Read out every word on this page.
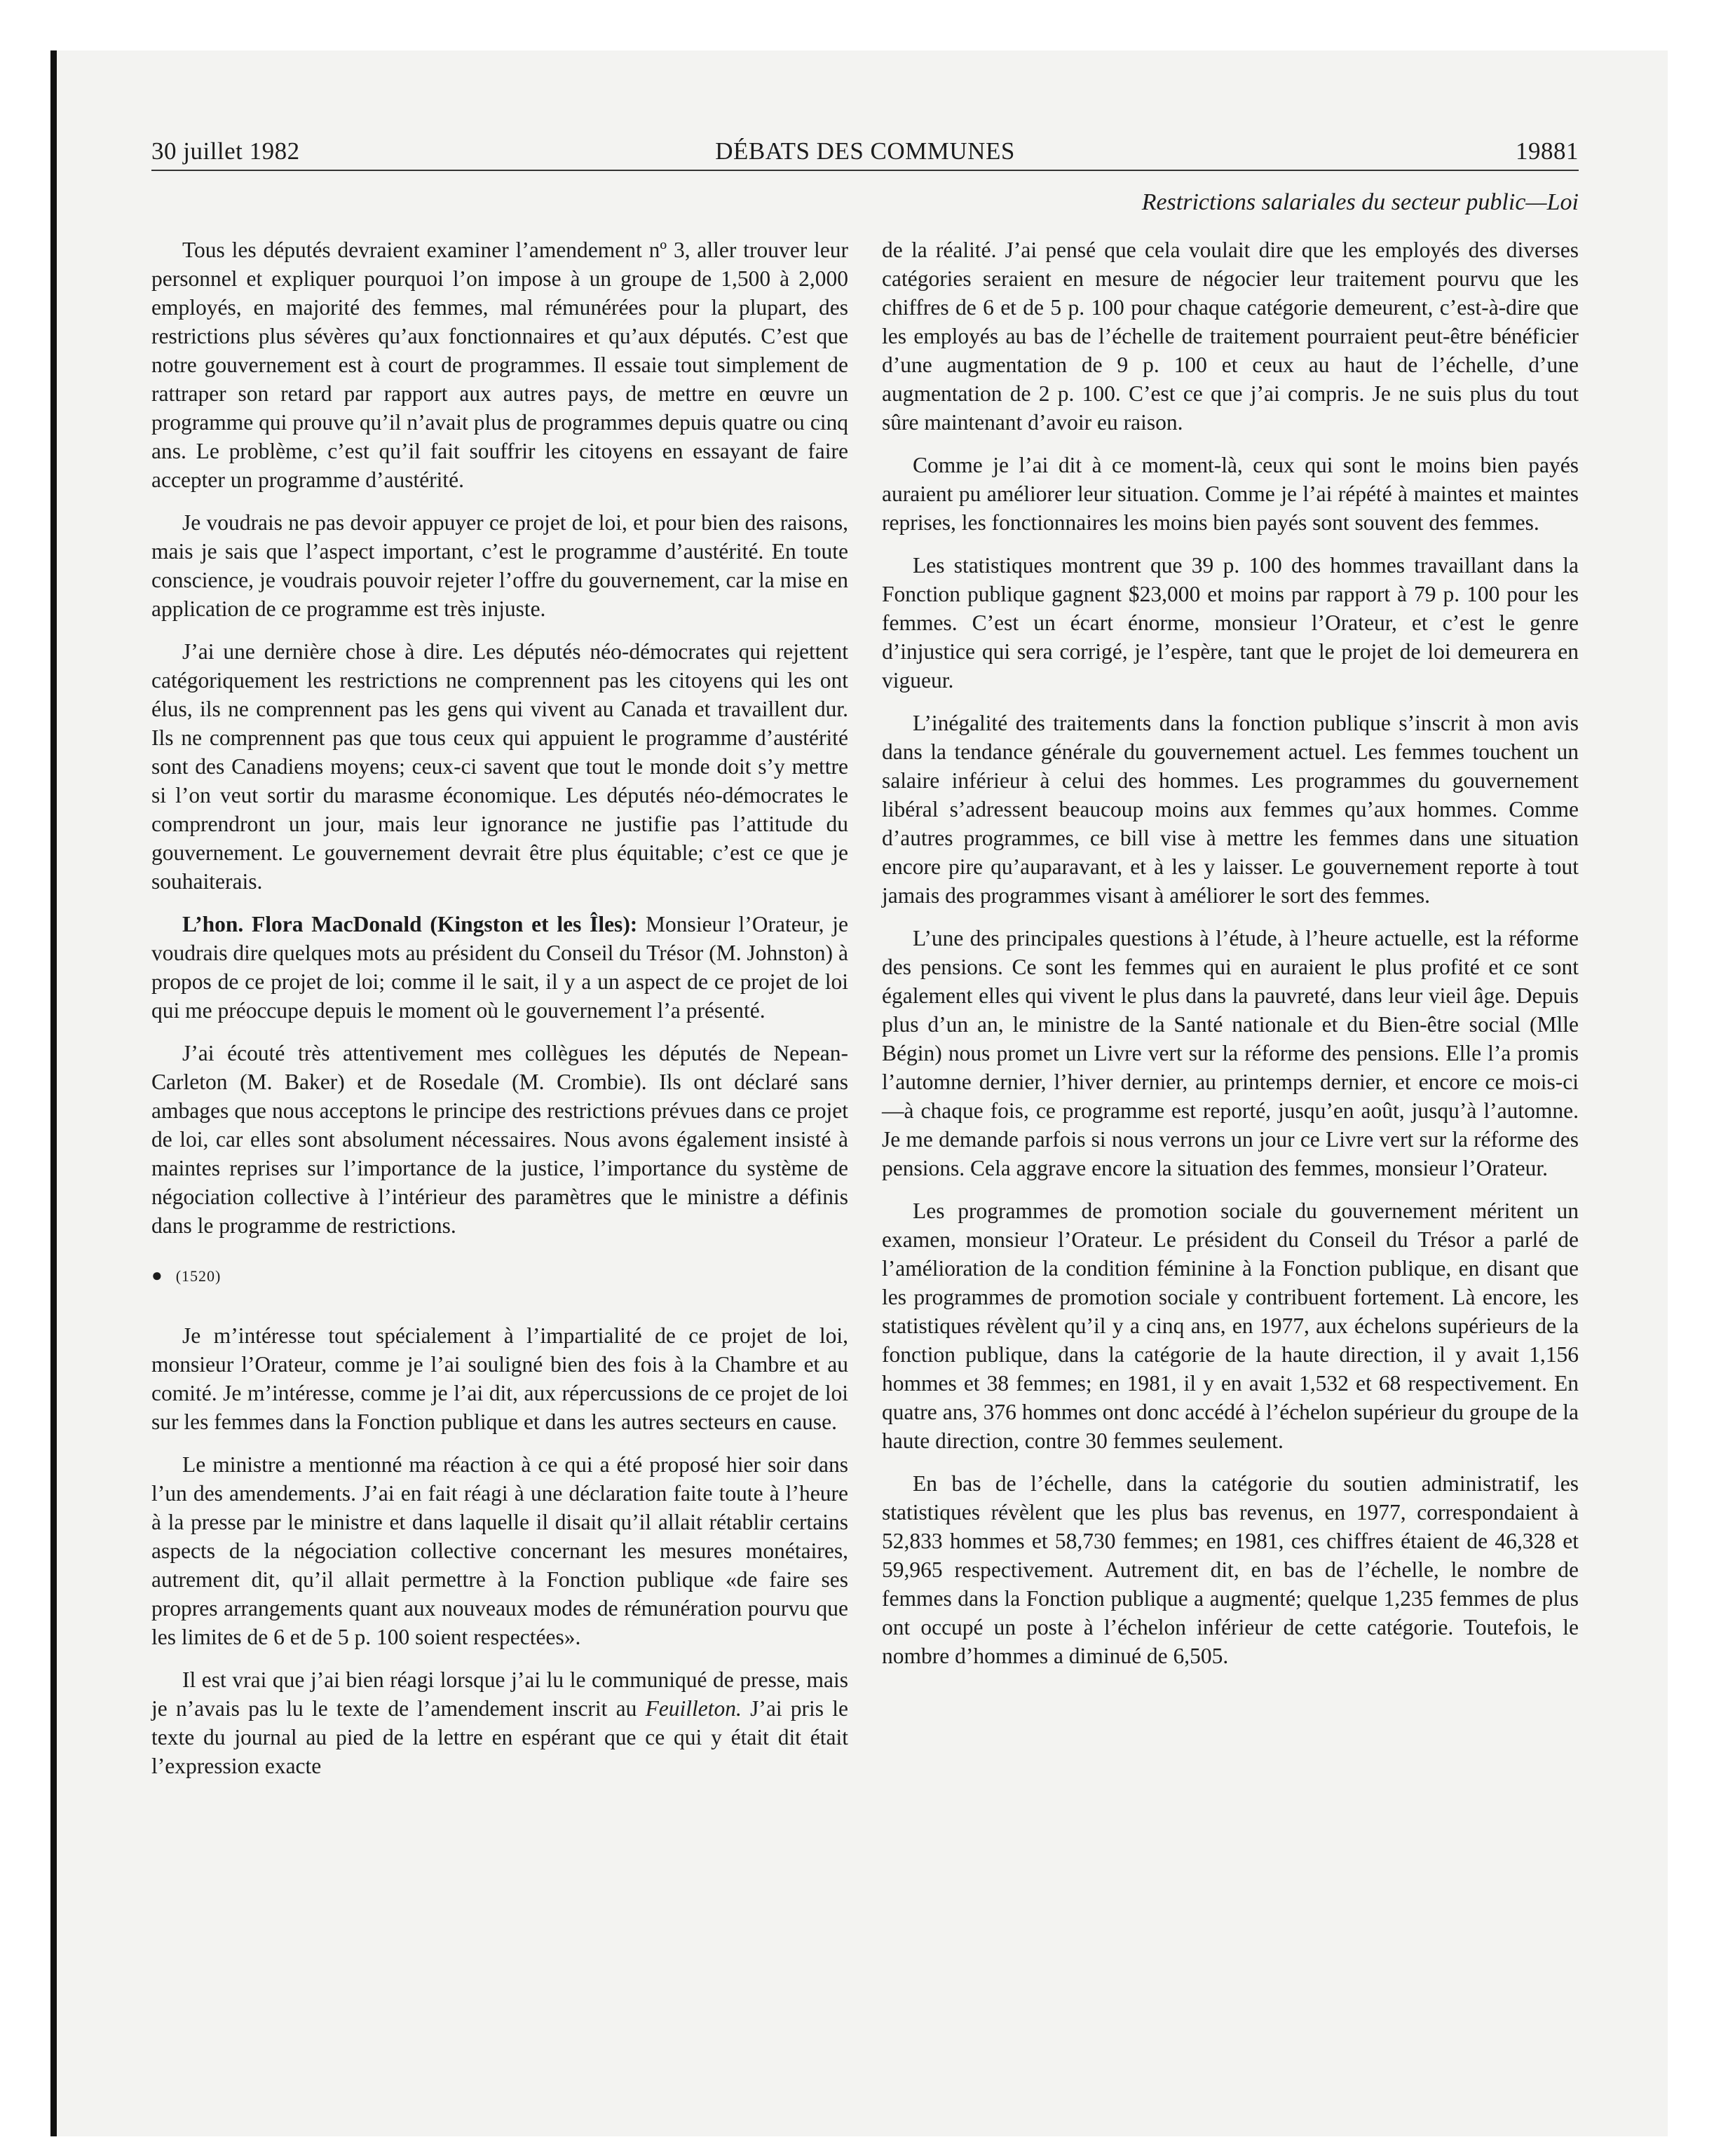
30 juillet 1982	DÉBATS DES COMMUNES	19881
Restrictions salariales du secteur public—Loi

Tous les députés devraient examiner l’amendement nº 3, aller trouver leur personnel et expliquer pourquoi l’on impose à un groupe de 1,500 à 2,000 employés, en majorité des femmes, mal rémunérées pour la plupart, des restrictions plus sévères qu’aux fonctionnaires et qu’aux députés. C’est que notre gouvernement est à court de programmes. Il essaie tout simplement de rattraper son retard par rapport aux autres pays, de mettre en œuvre un programme qui prouve qu’il n’avait plus de programmes depuis quatre ou cinq ans. Le problème, c’est qu’il fait souffrir les citoyens en essayant de faire accepter un programme d’austérité.

Je voudrais ne pas devoir appuyer ce projet de loi, et pour bien des raisons, mais je sais que l’aspect important, c’est le programme d’austérité. En toute conscience, je voudrais pouvoir rejeter l’offre du gouvernement, car la mise en application de ce programme est très injuste.

J’ai une dernière chose à dire. Les députés néo-démocrates qui rejettent catégoriquement les restrictions ne comprennent pas les citoyens qui les ont élus, ils ne comprennent pas les gens qui vivent au Canada et travaillent dur. Ils ne comprennent pas que tous ceux qui appuient le programme d’austérité sont des Canadiens moyens; ceux-ci savent que tout le monde doit s’y mettre si l’on veut sortir du marasme économique. Les députés néo-démocrates le comprendront un jour, mais leur ignorance ne justifie pas l’attitude du gouvernement. Le gouvernement devrait être plus équitable; c’est ce que je souhaiterais.

L’hon. Flora MacDonald (Kingston et les Îles): Monsieur l’Orateur, je voudrais dire quelques mots au président du Conseil du Trésor (M. Johnston) à propos de ce projet de loi; comme il le sait, il y a un aspect de ce projet de loi qui me préoccupe depuis le moment où le gouvernement l’a présenté.

J’ai écouté très attentivement mes collègues les députés de Nepean-Carleton (M. Baker) et de Rosedale (M. Crombie). Ils ont déclaré sans ambages que nous acceptons le principe des restrictions prévues dans ce projet de loi, car elles sont absolument nécessaires. Nous avons également insisté à maintes reprises sur l’importance de la justice, l’importance du système de négociation collective à l’intérieur des paramètres que le ministre a définis dans le programme de restrictions.

● (1520)

Je m’intéresse tout spécialement à l’impartialité de ce projet de loi, monsieur l’Orateur, comme je l’ai souligné bien des fois à la Chambre et au comité. Je m’intéresse, comme je l’ai dit, aux répercussions de ce projet de loi sur les femmes dans la Fonction publique et dans les autres secteurs en cause.

Le ministre a mentionné ma réaction à ce qui a été proposé hier soir dans l’un des amendements. J’ai en fait réagi à une déclaration faite toute à l’heure à la presse par le ministre et dans laquelle il disait qu’il allait rétablir certains aspects de la négociation collective concernant les mesures monétaires, autrement dit, qu’il allait permettre à la Fonction publique «de faire ses propres arrangements quant aux nouveaux modes de rémunération pourvu que les limites de 6 et de 5 p. 100 soient respectées».

Il est vrai que j’ai bien réagi lorsque j’ai lu le communiqué de presse, mais je n’avais pas lu le texte de l’amendement inscrit au Feuilleton. J’ai pris le texte du journal au pied de la lettre en espérant que ce qui y était dit était l’expression exacte

de la réalité. J’ai pensé que cela voulait dire que les employés des diverses catégories seraient en mesure de négocier leur traitement pourvu que les chiffres de 6 et de 5 p. 100 pour chaque catégorie demeurent, c’est-à-dire que les employés au bas de l’échelle de traitement pourraient peut-être bénéficier d’une augmentation de 9 p. 100 et ceux au haut de l’échelle, d’une augmentation de 2 p. 100. C’est ce que j’ai compris. Je ne suis plus du tout sûre maintenant d’avoir eu raison.

Comme je l’ai dit à ce moment-là, ceux qui sont le moins bien payés auraient pu améliorer leur situation. Comme je l’ai répété à maintes et maintes reprises, les fonctionnaires les moins bien payés sont souvent des femmes.

Les statistiques montrent que 39 p. 100 des hommes travaillant dans la Fonction publique gagnent $23,000 et moins par rapport à 79 p. 100 pour les femmes. C’est un écart énorme, monsieur l’Orateur, et c’est le genre d’injustice qui sera corrigé, je l’espère, tant que le projet de loi demeurera en vigueur.

L’inégalité des traitements dans la fonction publique s’inscrit à mon avis dans la tendance générale du gouvernement actuel. Les femmes touchent un salaire inférieur à celui des hommes. Les programmes du gouvernement libéral s’adressent beaucoup moins aux femmes qu’aux hommes. Comme d’autres programmes, ce bill vise à mettre les femmes dans une situation encore pire qu’auparavant, et à les y laisser. Le gouvernement reporte à tout jamais des programmes visant à améliorer le sort des femmes.

L’une des principales questions à l’étude, à l’heure actuelle, est la réforme des pensions. Ce sont les femmes qui en auraient le plus profité et ce sont également elles qui vivent le plus dans la pauvreté, dans leur vieil âge. Depuis plus d’un an, le ministre de la Santé nationale et du Bien-être social (Mlle Bégin) nous promet un Livre vert sur la réforme des pensions. Elle l’a promis l’automne dernier, l’hiver dernier, au printemps dernier, et encore ce mois-ci—à chaque fois, ce programme est reporté, jusqu’en août, jusqu’à l’automne. Je me demande parfois si nous verrons un jour ce Livre vert sur la réforme des pensions. Cela aggrave encore la situation des femmes, monsieur l’Orateur.

Les programmes de promotion sociale du gouvernement méritent un examen, monsieur l’Orateur. Le président du Conseil du Trésor a parlé de l’amélioration de la condition féminine à la Fonction publique, en disant que les programmes de promotion sociale y contribuent fortement. Là encore, les statistiques révèlent qu’il y a cinq ans, en 1977, aux échelons supérieurs de la fonction publique, dans la catégorie de la haute direction, il y avait 1,156 hommes et 38 femmes; en 1981, il y en avait 1,532 et 68 respectivement. En quatre ans, 376 hommes ont donc accédé à l’échelon supérieur du groupe de la haute direction, contre 30 femmes seulement.

En bas de l’échelle, dans la catégorie du soutien administratif, les statistiques révèlent que les plus bas revenus, en 1977, correspondaient à 52,833 hommes et 58,730 femmes; en 1981, ces chiffres étaient de 46,328 et 59,965 respectivement. Autrement dit, en bas de l’échelle, le nombre de femmes dans la Fonction publique a augmenté; quelque 1,235 femmes de plus ont occupé un poste à l’échelon inférieur de cette catégorie. Toutefois, le nombre d’hommes a diminué de 6,505.
